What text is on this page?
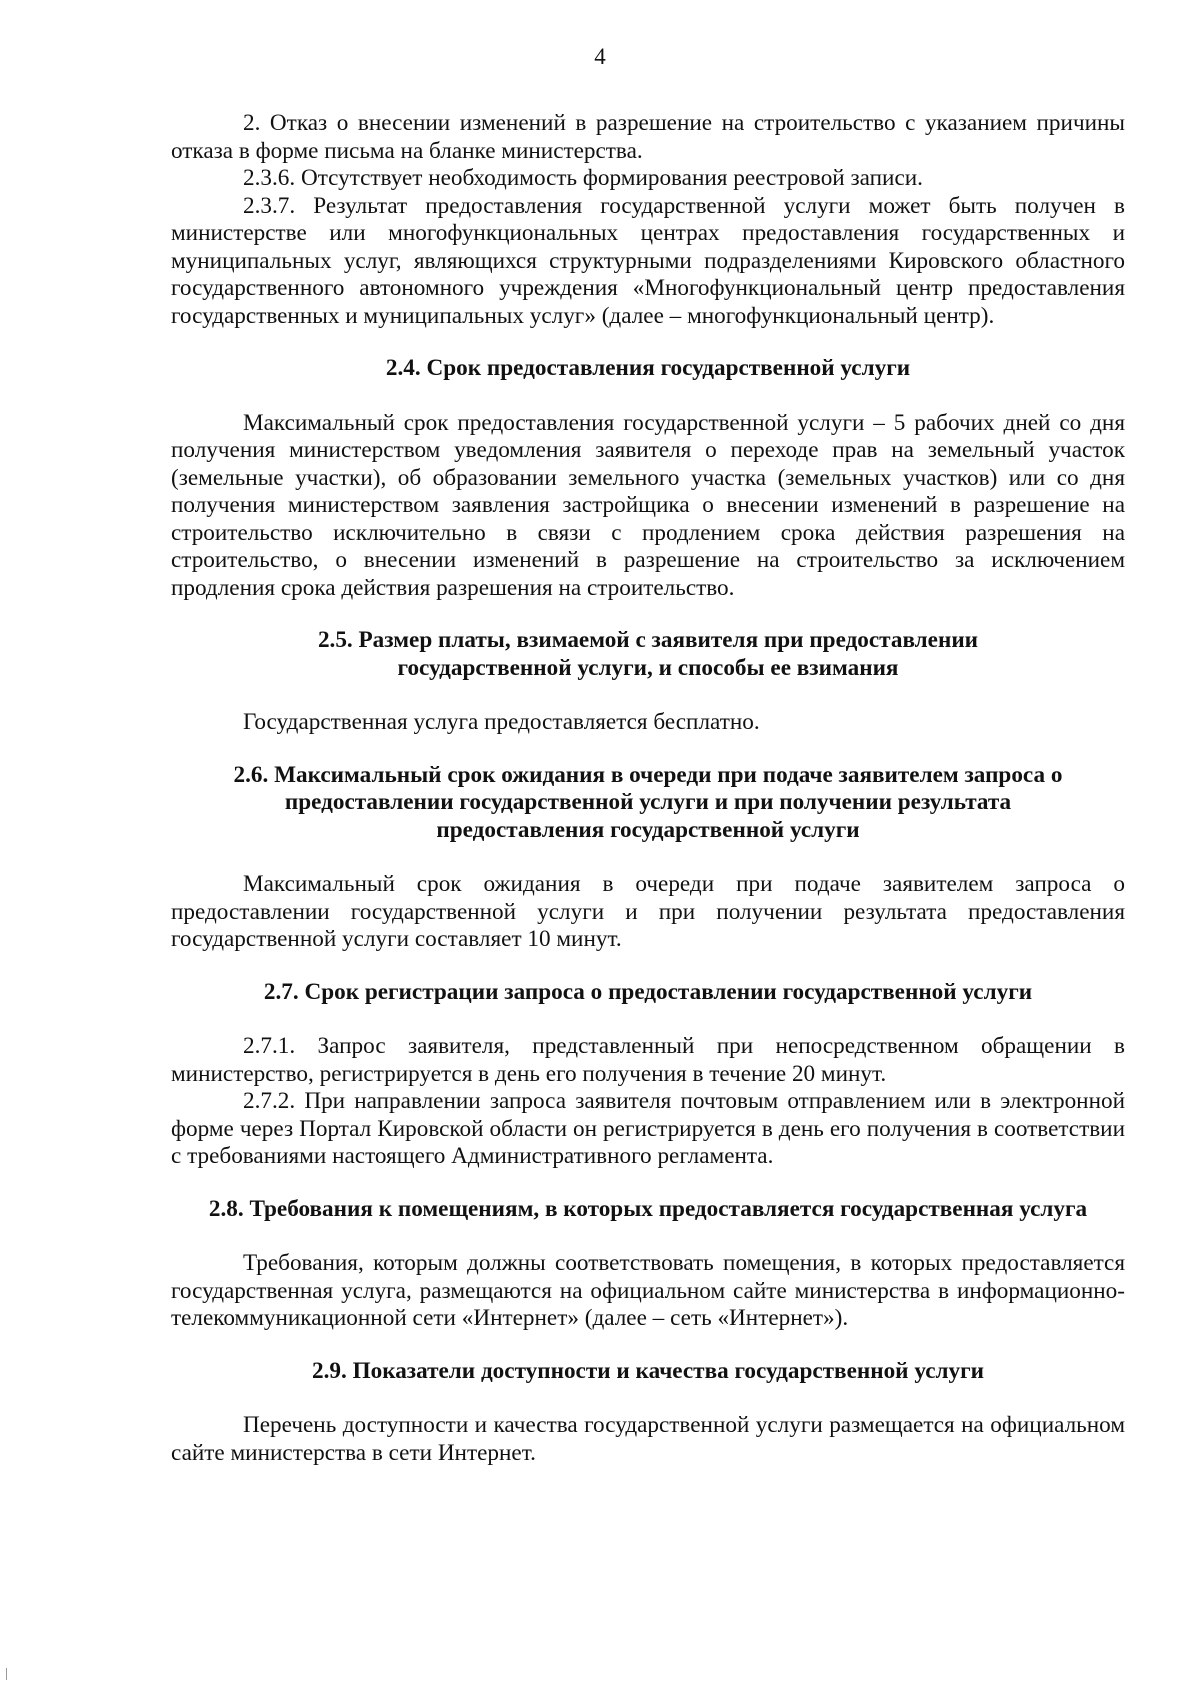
4

2. Отказ о внесении изменений в разрешение на строительство с указанием причины отказа в форме письма на бланке министерства.

2.3.6. Отсутствует необходимость формирования реестровой записи.

2.3.7. Результат предоставления государственной услуги может быть получен в министерстве или многофункциональных центрах предоставления государственных и муниципальных услуг, являющихся структурными подразделениями Кировского областного государственного автономного учреждения «Многофункциональный центр предоставления государственных и муниципальных услуг» (далее – многофункциональный центр).

2.4. Срок предоставления государственной услуги

Максимальный срок предоставления государственной услуги – 5 рабочих дней со дня получения министерством уведомления заявителя о переходе прав на земельный участок (земельные участки), об образовании земельного участка (земельных участков) или со дня получения министерством заявления застройщика о внесении изменений в разрешение на строительство исключительно в связи с продлением срока действия разрешения на строительство, о внесении изменений в разрешение на строительство за исключением продления срока действия разрешения на строительство.

2.5. Размер платы, взимаемой с заявителя при предоставлении
государственной услуги, и способы ее взимания

Государственная услуга предоставляется бесплатно.

2.6. Максимальный срок ожидания в очереди при подаче заявителем запроса о
предоставлении государственной услуги и при получении результата
предоставления государственной услуги

Максимальный срок ожидания в очереди при подаче заявителем запроса о предоставлении государственной услуги и при получении результата предоставления государственной услуги составляет 10 минут.

2.7. Срок регистрации запроса о предоставлении государственной услуги

2.7.1. Запрос заявителя, представленный при непосредственном обращении в министерство, регистрируется в день его получения в течение 20 минут.

2.7.2. При направлении запроса заявителя почтовым отправлением или в электронной форме через Портал Кировской области он регистрируется в день его получения в соответствии с требованиями настоящего Административного регламента.

2.8. Требования к помещениям, в которых предоставляется государственная услуга

Требования, которым должны соответствовать помещения, в которых предоставляется государственная услуга, размещаются на официальном сайте министерства в информационно-телекоммуникационной сети «Интернет» (далее – сеть «Интернет»).

2.9. Показатели доступности и качества государственной услуги

Перечень доступности и качества государственной услуги размещается на официальном сайте министерства в сети Интернет.
